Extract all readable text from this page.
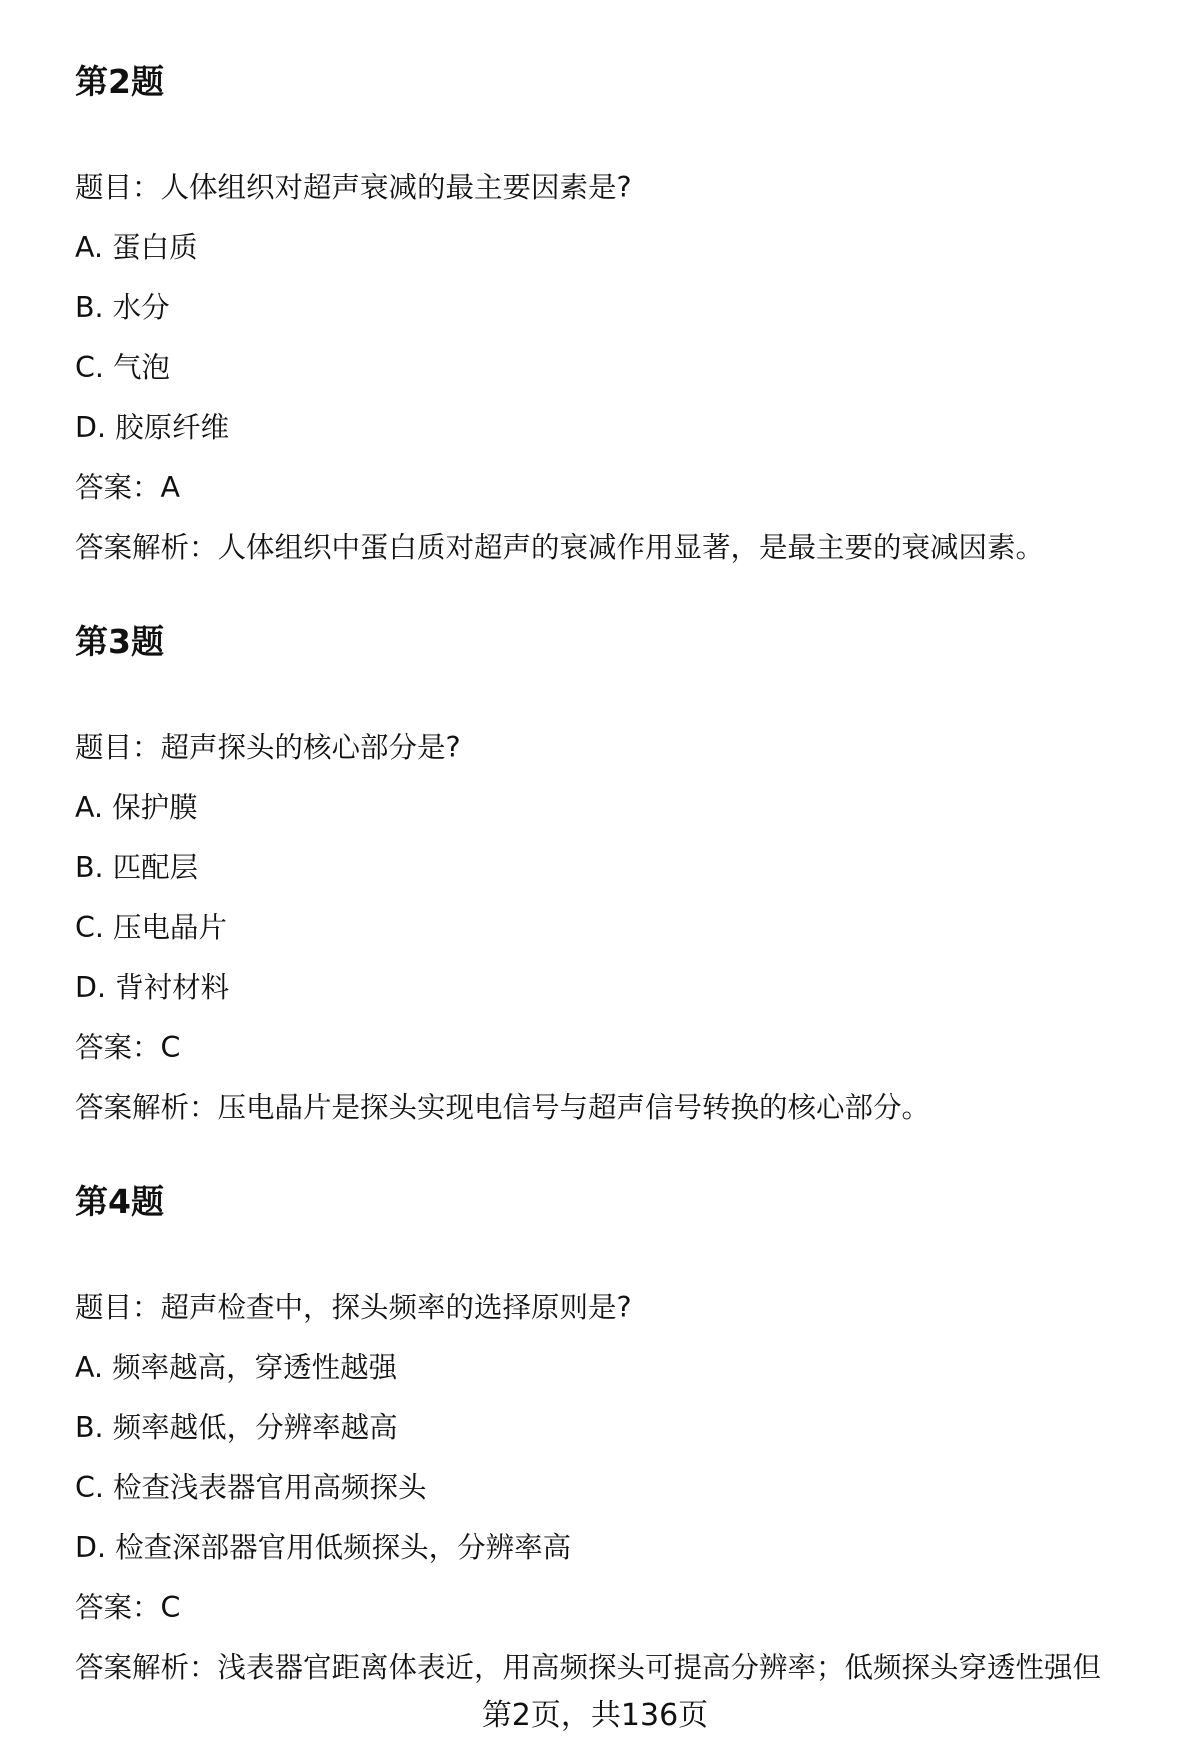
第2题
题目：人体组织对超声衰减的最主要因素是?
A. 蛋白质
B. 水分
C. 气泡
D. 胶原纤维
答案：A
答案解析：人体组织中蛋白质对超声的衰减作用显著，是最主要的衰减因素。
第3题
题目：超声探头的核心部分是?
A. 保护膜
B. 匹配层
C. 压电晶片
D. 背衬材料
答案：C
答案解析：压电晶片是探头实现电信号与超声信号转换的核心部分。
第4题
题目：超声检查中，探头频率的选择原则是?
A. 频率越高，穿透性越强
B. 频率越低，分辨率越高
C. 检查浅表器官用高频探头
D. 检查深部器官用低频探头，分辨率高
答案：C
答案解析：浅表器官距离体表近，用高频探头可提高分辨率；低频探头穿透性强但
第2页，共136页
